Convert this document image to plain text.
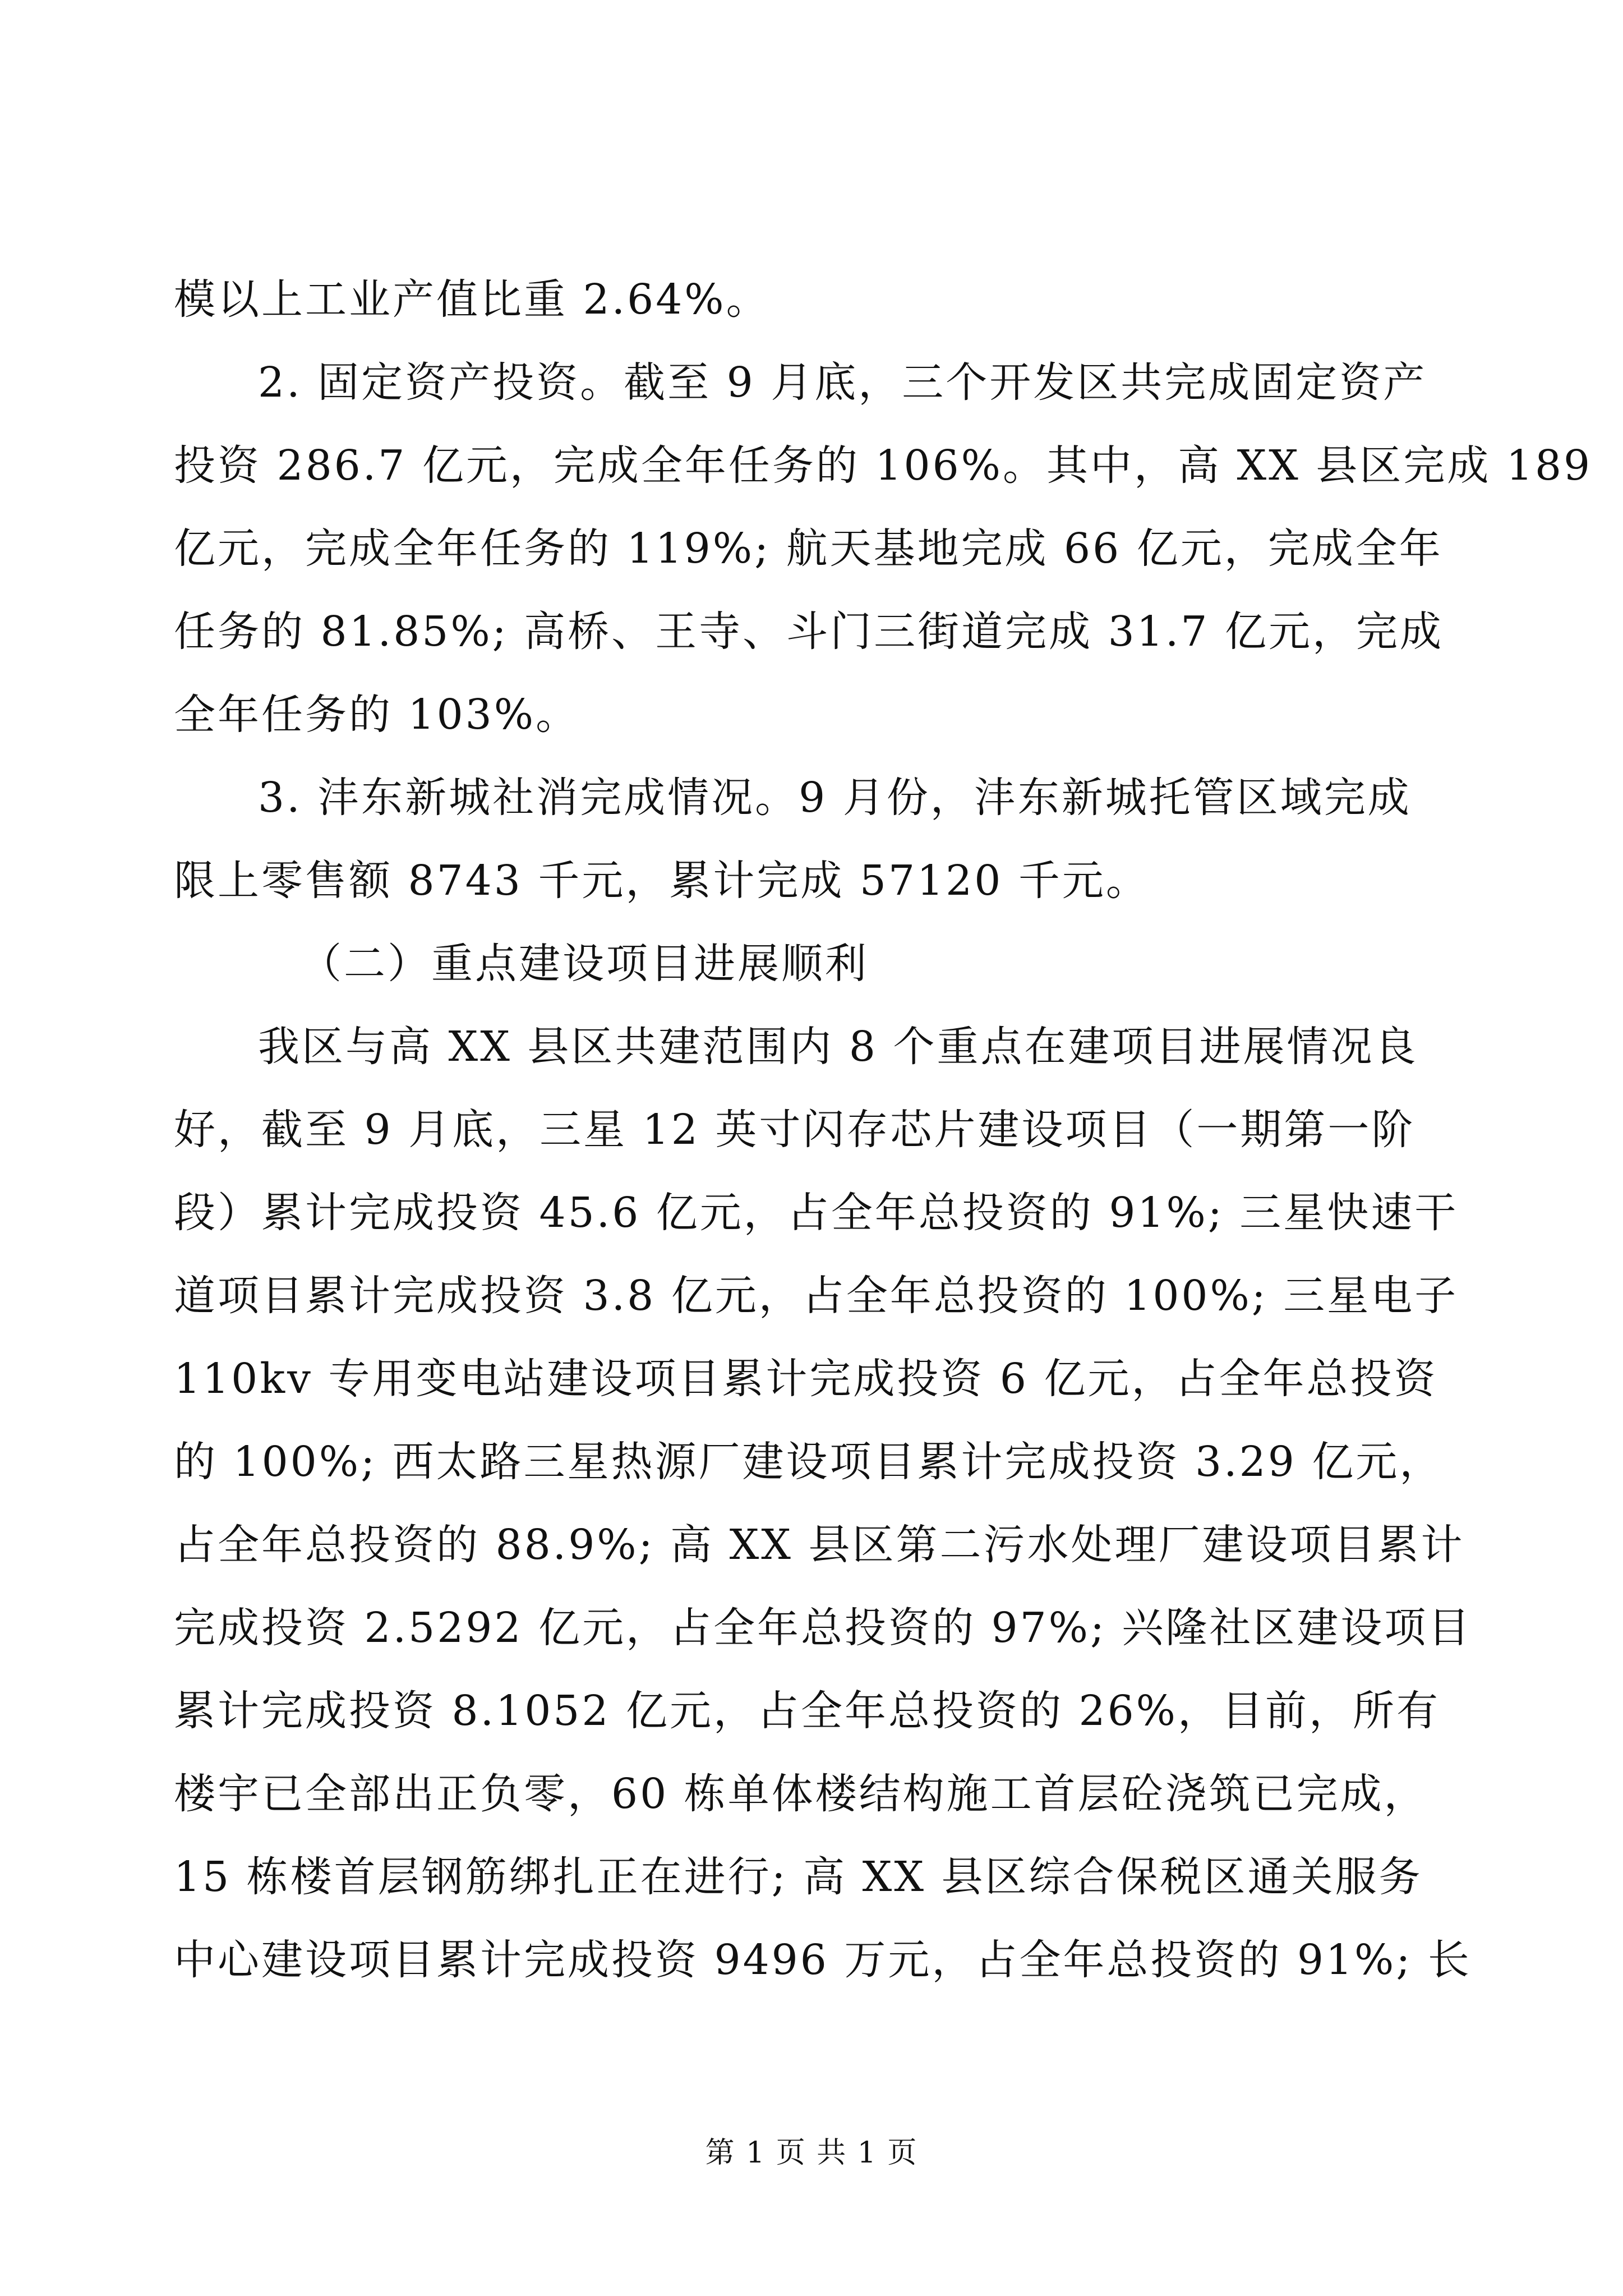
模以上工业产值比重 2.64%。
2. 固定资产投资。截至 9 月底，三个开发区共完成固定资产
投资 286.7 亿元，完成全年任务的 106%。其中，高 XX 县区完成 189
亿元，完成全年任务的 119%; 航天基地完成 66 亿元，完成全年
任务的 81.85%; 高桥、王寺、斗门三街道完成 31.7 亿元，完成
全年任务的 103%。
3. 沣东新城社消完成情况。9 月份，沣东新城托管区域完成
限上零售额 8743 千元，累计完成 57120 千元。
（二）重点建设项目进展顺利
我区与高 XX 县区共建范围内 8 个重点在建项目进展情况良
好，截至 9 月底，三星 12 英寸闪存芯片建设项目（一期第一阶
段）累计完成投资 45.6 亿元，占全年总投资的 91%; 三星快速干
道项目累计完成投资 3.8 亿元，占全年总投资的 100%; 三星电子
110kv 专用变电站建设项目累计完成投资 6 亿元，占全年总投资
的 100%; 西太路三星热源厂建设项目累计完成投资 3.29 亿元，
占全年总投资的 88.9%; 高 XX 县区第二污水处理厂建设项目累计
完成投资 2.5292 亿元，占全年总投资的 97%; 兴隆社区建设项目
累计完成投资 8.1052 亿元，占全年总投资的 26%，目前，所有
楼宇已全部出正负零，60 栋单体楼结构施工首层砼浇筑已完成，
15 栋楼首层钢筋绑扎正在进行; 高 XX 县区综合保税区通关服务
中心建设项目累计完成投资 9496 万元，占全年总投资的 91%; 长
第 1 页 共 1 页
